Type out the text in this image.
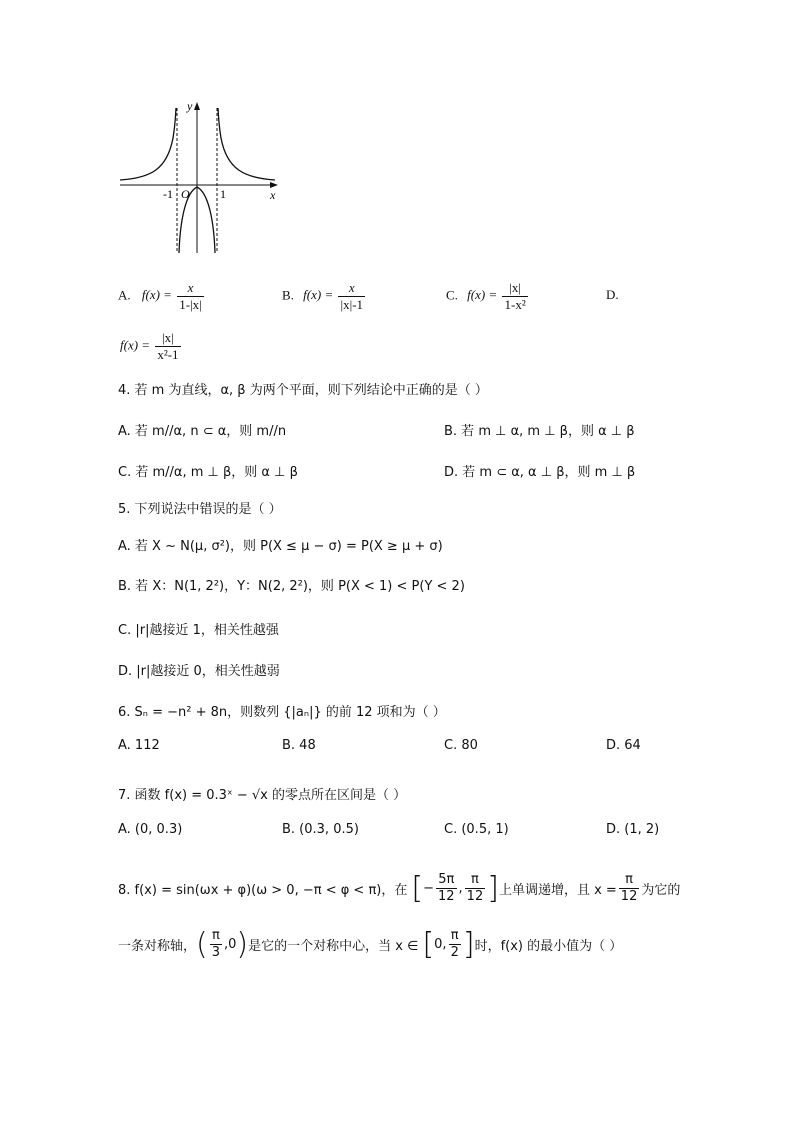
y
x
O
-1	1
A. $f(x) = \frac{x}{1-|x|}$	B. $f(x) = \frac{x}{|x|-1}$	C. $f(x) = \frac{|x|}{\text{1-x²}}$	D.
$f(x) = \frac{|x|}{\text{x²-1}}$
4. 若 m 为直线，α, β 为两个平面，则下列结论中正确的是（ ）
A. 若 m//α, n ⊂ α，则 m//n	B. 若 m ⊥ α, m ⊥ β，则 α ⊥ β
C. 若 m//α, m ⊥ β，则 α ⊥ β	D. 若 m ⊂ α, α ⊥ β，则 m ⊥ β
5. 下列说法中错误的是（ ）
A. 若 X ~ N(μ, σ²)，则 P(X ≤ μ − σ) = P(X ≥ μ + σ)
B. 若 X：N(1, 2²)，Y：N(2, 2²)，则 P(X < 1) < P(Y < 2)
C. |r|越接近 1，相关性越强
D. |r|越接近 0，相关性越弱
6. Sₙ = −n² + 8n，则数列 {|aₙ|} 的前 12 项和为（ ）
A. 112	B. 48	C. 80	D. 64
7. 函数 f(x) = 0.3ˣ − √x 的零点所在区间是（ ）
A. (0, 0.3)	B. (0.3, 0.5)	C. (0.5, 1)	D. (1, 2)
8. f(x) = sin(ωx + φ)(ω > 0, −π < φ < π)，在 [ − $\frac{5\pi}{12}$ , $\frac{\pi}{12}$ ] 上单调递增，且 $x = \frac{\pi}{12}$ 为它的
一条对称轴， ( $\frac{\pi}{3} ,0$ ) 是它的一个对称中心，当 x ∈ [ 0, $\frac{\pi}{2}$ ] 时，f(x) 的最小值为（ ）
